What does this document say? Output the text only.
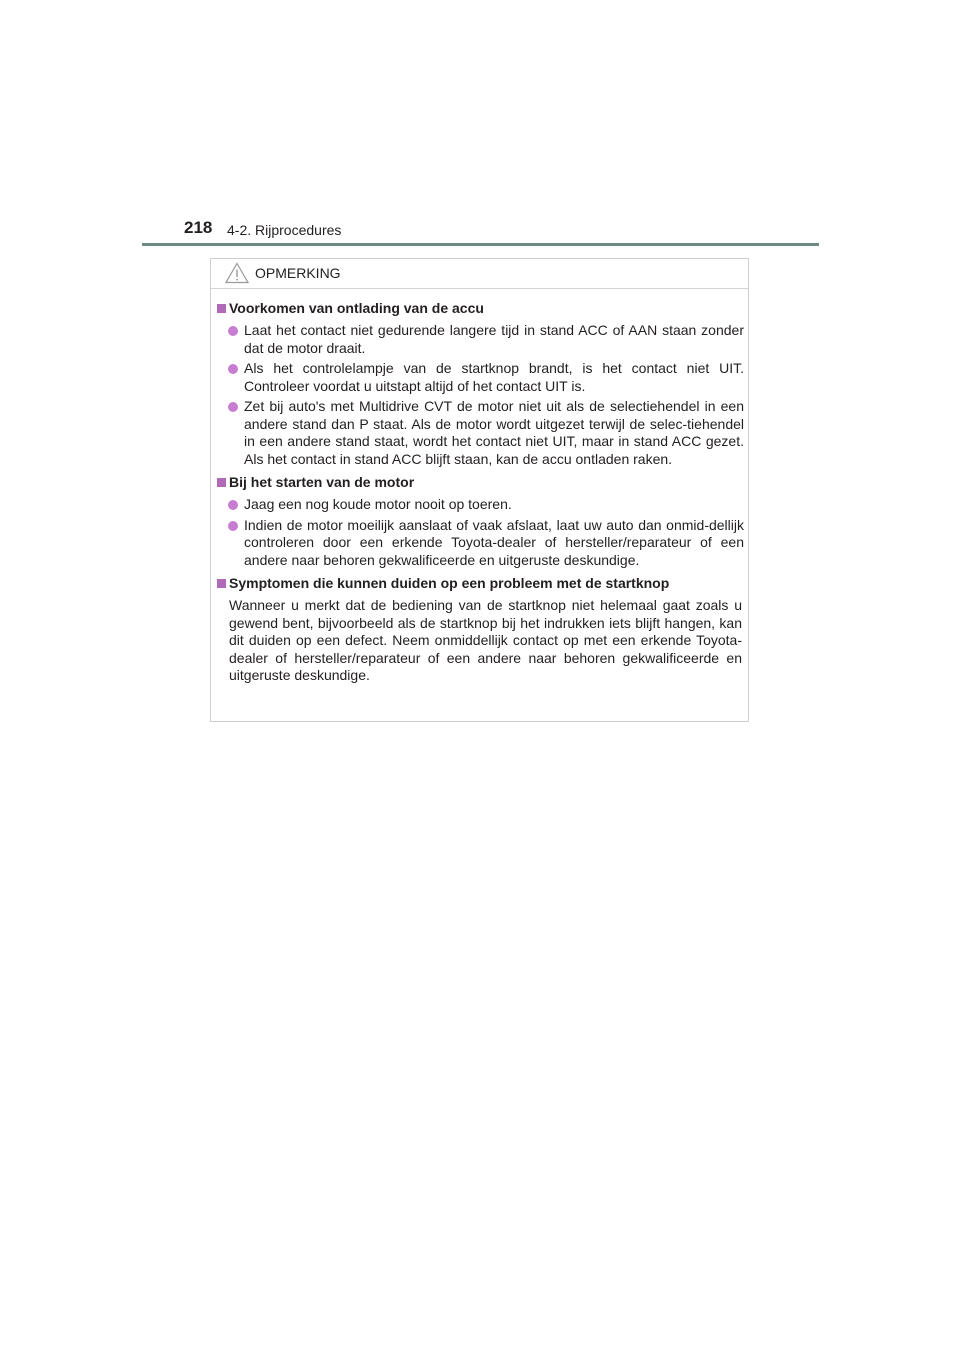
218 4-2. Rijprocedures
OPMERKING
Voorkomen van ontlading van de accu
Laat het contact niet gedurende langere tijd in stand ACC of AAN staan zonder dat de motor draait.
Als het controlelampje van de startknop brandt, is het contact niet UIT. Controleer voordat u uitstapt altijd of het contact UIT is.
Zet bij auto's met Multidrive CVT de motor niet uit als de selectiehendel in een andere stand dan P staat. Als de motor wordt uitgezet terwijl de selec-tiehendel in een andere stand staat, wordt het contact niet UIT, maar in stand ACC gezet. Als het contact in stand ACC blijft staan, kan de accu ontladen raken.
Bij het starten van de motor
Jaag een nog koude motor nooit op toeren.
Indien de motor moeilijk aanslaat of vaak afslaat, laat uw auto dan onmid-dellijk controleren door een erkende Toyota-dealer of hersteller/reparateur of een andere naar behoren gekwalificeerde en uitgeruste deskundige.
Symptomen die kunnen duiden op een probleem met de startknop
Wanneer u merkt dat de bediening van de startknop niet helemaal gaat zoals u gewend bent, bijvoorbeeld als de startknop bij het indrukken iets blijft hangen, kan dit duiden op een defect. Neem onmiddellijk contact op met een erkende Toyota-dealer of hersteller/reparateur of een andere naar behoren gekwalificeerde en uitgeruste deskundige.
